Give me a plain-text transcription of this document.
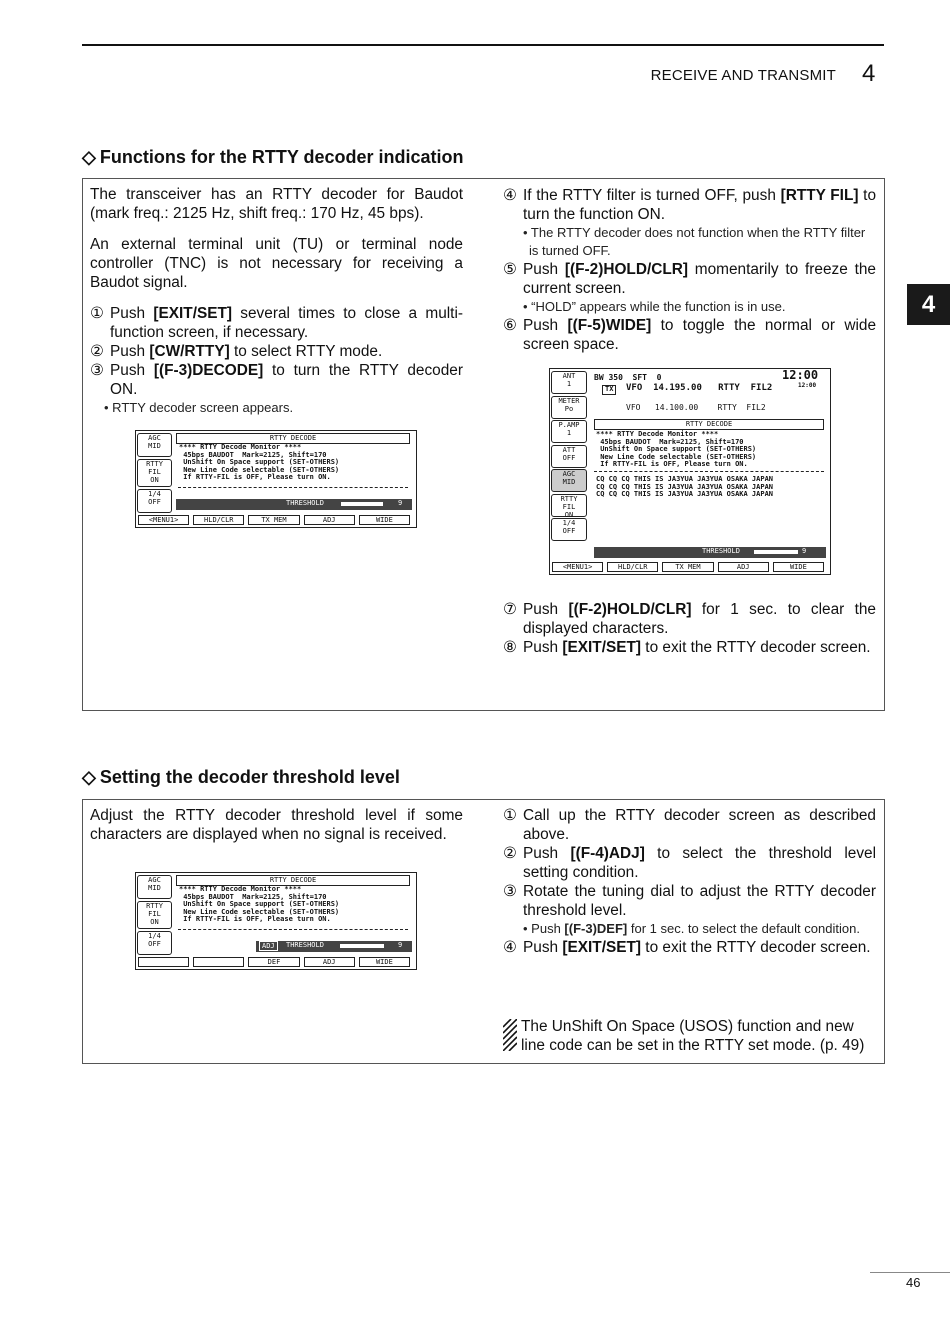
RECEIVE AND TRANSMIT 4
4
◇ Functions for the RTTY decoder indication

The transceiver has an RTTY decoder for Baudot (mark freq.: 2125 Hz, shift freq.: 170 Hz, 45 bps).

An external terminal unit (TU) or terminal node controller (TNC) is not necessary for receiving a Baudot signal.

① Push [EXIT/SET] several times to close a multi-function screen, if necessary.
② Push [CW/RTTY] to select RTTY mode.
③ Push [(F-3)DECODE] to turn the RTTY decoder ON.
• RTTY decoder screen appears.
AGC
MID
RTTY
FIL
ON
1/4
OFF
RTTY DECODE
**** RTTY Decode Monitor ****
45bps BAUDOT  Mark=2125, Shift=170
UnShift On Space support (SET-OTHERS)
New Line Code selectable (SET-OTHERS)
If RTTY-FIL is OFF, Please turn ON.
THRESHOLD	9
<MENU1>	HLD/CLR	TX MEM	ADJ	WIDE
④ If the RTTY filter is turned OFF, push [RTTY FIL] to turn the function ON.
• The RTTY decoder does not function when the RTTY filter is turned OFF.
⑤ Push [(F-2)HOLD/CLR] momentarily to freeze the current screen.
• “HOLD” appears while the function is in use.
⑥ Push [(F-5)WIDE] to toggle the normal or wide screen space.
ANT
1
METER
Po
P.AMP
1
ATT
OFF
AGC
MID
RTTY
FIL
ON
1/4
OFF
BW 350  SFT  0	12:00
12:00
TX	VFO  14.195.00   RTTY  FIL2
VFO   14.100.00    RTTY  FIL2
RTTY DECODE
**** RTTY Decode Monitor ****
45bps BAUDOT  Mark=2125, Shift=170
UnShift On Space support (SET-OTHERS)
New Line Code selectable (SET-OTHERS)
If RTTY-FIL is OFF, Please turn ON.
CQ CQ CQ THIS IS JA3YUA JA3YUA OSAKA JAPAN
CQ CQ CQ THIS IS JA3YUA JA3YUA OSAKA JAPAN
CQ CQ CQ THIS IS JA3YUA JA3YUA OSAKA JAPAN
THRESHOLD	9
<MENU1>	HLD/CLR	TX MEM	ADJ	WIDE
⑦ Push [(F-2)HOLD/CLR] for 1 sec. to clear the displayed characters.
⑧ Push [EXIT/SET] to exit the RTTY decoder screen.
◇ Setting the decoder threshold level

Adjust the RTTY decoder threshold level if some characters are displayed when no signal is received.

AGC
MID
RTTY
FIL
ON
1/4
OFF
RTTY DECODE
**** RTTY Decode Monitor ****
45bps BAUDOT  Mark=2125, Shift=170
UnShift On Space support (SET-OTHERS)
New Line Code selectable (SET-OTHERS)
If RTTY-FIL is OFF, Please turn ON.
ADJ	THRESHOLD	9
DEF	ADJ	WIDE
① Call up the RTTY decoder screen as described above.
② Push [(F-4)ADJ] to select the threshold level setting condition.
③ Rotate the tuning dial to adjust the RTTY decoder threshold level.
• Push [(F-3)DEF] for 1 sec. to select the default condition.
④ Push [EXIT/SET] to exit the RTTY decoder screen.
The UnShift On Space (USOS) function and new line code can be set in the RTTY set mode. (p. 49)
46
